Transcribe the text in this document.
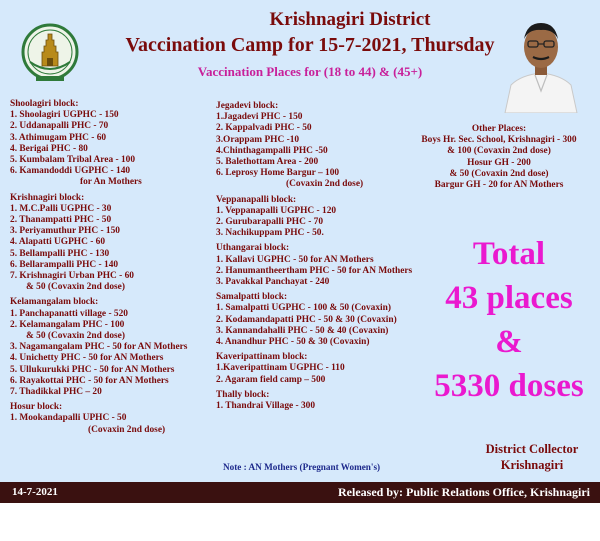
Krishnagiri District
Vaccination Camp for 15-7-2021, Thursday
Vaccination Places for (18 to 44) & (45+)
Shoolagiri block:
1. Shoolagiri UGPHC - 150
2. Uddanapalli PHC - 70
3. Athimugam PHC - 60
4. Berigai PHC - 80
5. Kumbalam Tribal Area - 100
6. Kamandoddi UGPHC - 140
for An Mothers
Krishnagiri block:
1. M.C.Palli UGPHC - 30
2. Thanampatti PHC - 50
3. Periyamuthur PHC - 150
4. Alapatti UGPHC - 60
5. Bellampalli PHC - 130
6. Bellarampalli PHC - 140
7. Krishnagiri Urban PHC - 60
& 50 (Covaxin 2nd dose)
Kelamangalam block:
1. Panchapanatti village - 520
2. Kelamangalam PHC - 100
& 50 (Covaxin 2nd dose)
3. Nagamangalam PHC - 50 for AN Mothers
4. Unichetty PHC - 50 for AN Mothers
5. Ullukurukki PHC - 50 for AN Mothers
6. Rayakottai PHC - 50 for AN Mothers
7. Thadikkal PHC – 20
Hosur block:
1. Mookandapalli UPHC - 50
(Covaxin 2nd dose)
Jegadevi block:
1.Jagadevi PHC - 150
2. Kappalvadi PHC - 50
3.Orappam PHC -10
4.Chinthagampalli PHC -50
5. Balethottam Area - 200
6. Leprosy Home Bargur – 100
(Covaxin 2nd dose)
Veppanapalli block:
1. Veppanapalli UGPHC - 120
2. Gurubarapalli PHC - 70
3. Nachikuppam PHC - 50.
Uthangarai block:
1. Kallavi UGPHC - 50 for AN Mothers
2. Hanumantheertham PHC - 50 for AN Mothers
3. Pavakkal Panchayat - 240
Samalpatti block:
1. Samalpatti UGPHC - 100 & 50 (Covaxin)
2. Kodamandapatti PHC - 50 & 30 (Covaxin)
3. Kannandahalli PHC - 50 & 40 (Covaxin)
4. Anandhur PHC - 50 & 30 (Covaxin)
Kaveripattinam block:
1.Kaveripattinam UGPHC - 110
2. Agaram field camp – 500
Thally block:
1. Thandrai Village - 300
Other Places:
Boys Hr. Sec. School, Krishnagiri - 300
& 100 (Covaxin 2nd dose)
Hosur GH - 200
& 50 (Covaxin 2nd dose)
Bargur GH - 20 for AN Mothers
Total
43 places
&
5330 doses
District Collector
Krishnagiri
Note : AN Mothers (Pregnant Women's)
14-7-2021	Released by: Public Relations Office, Krishnagiri
